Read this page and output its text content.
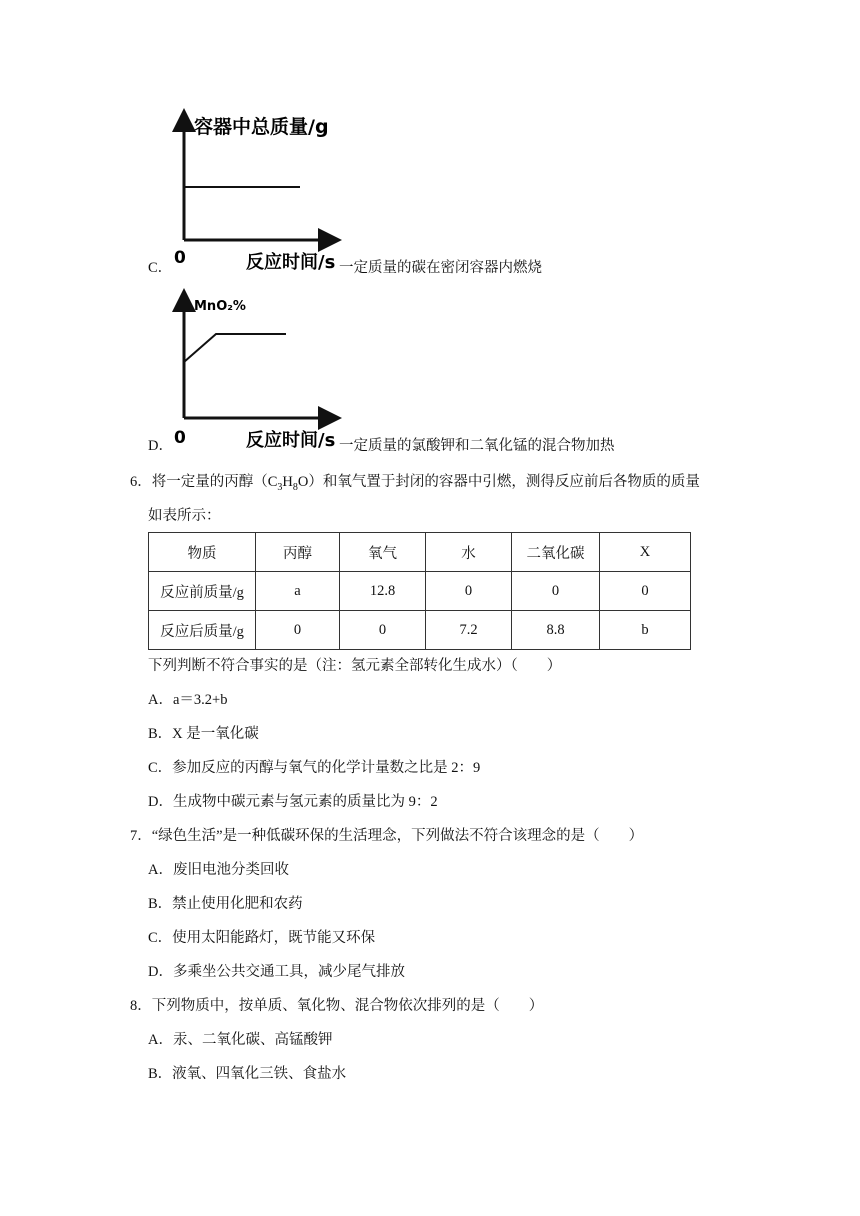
容器中总质量/g
0	反应时间/s
C．	一定质量的碳在密闭容器内燃烧
MnO₂%
0	反应时间/s
D．	一定质量的氯酸钾和二氧化锰的混合物加热
6．将一定量的丙醇$(C_3H_8O)$和氧气置于封闭的容器中引燃，测得反应前后各物质的质量
如表所示：
物质	丙醇	氧气	水	二氧化碳	X
反应前质量/g	a	12.8	0	0	0
反应后质量/g	0	0	7.2	8.8	b
下列判断不符合事实的是（注：氢元素全部转化生成水）（　　）
A．a＝3.2+b
B．X 是一氧化碳
C．参加反应的丙醇与氧气的化学计量数之比是 2：9
D．生成物中碳元素与氢元素的质量比为 9：2
7．“绿色生活”是一种低碳环保的生活理念，下列做法不符合该理念的是（　　）
A．废旧电池分类回收
B．禁止使用化肥和农药
C．使用太阳能路灯，既节能又环保
D．多乘坐公共交通工具，减少尾气排放
8．下列物质中，按单质、氧化物、混合物依次排列的是（　　）
A．汞、二氧化碳、高锰酸钾
B．液氧、四氧化三铁、食盐水
